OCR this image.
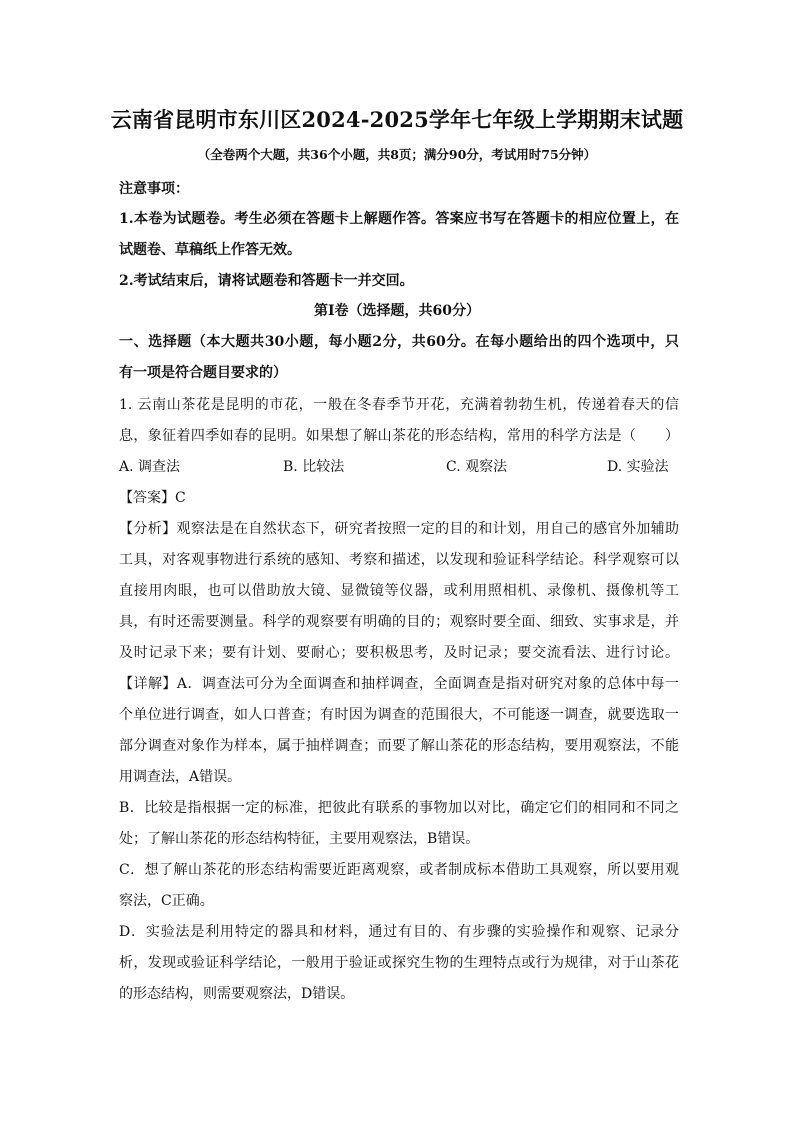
云南省昆明市东川区2024-2025学年七年级上学期期末试题
（全卷两个大题，共36个小题，共8页；满分90分，考试用时75分钟）
注意事项：
1.本卷为试题卷。考生必须在答题卡上解题作答。答案应书写在答题卡的相应位置上，在
试题卷、草稿纸上作答无效。
2.考试结束后，请将试题卷和答题卡一并交回。
第Ⅰ卷（选择题，共60分）
一、选择题（本大题共30小题，每小题2分，共60分。在每小题给出的四个选项中，只
有一项是符合题目要求的）
1. 云南山茶花是昆明的市花，一般在冬春季节开花，充满着勃勃生机，传递着春天的信
息，象征着四季如春的昆明。如果想了解山茶花的形态结构，常用的科学方法是（　　）
A. 调查法	B. 比较法	C. 观察法	D. 实验法
【答案】C
【分析】观察法是在自然状态下，研究者按照一定的目的和计划，用自己的感官外加辅助
工具，对客观事物进行系统的感知、考察和描述，以发现和验证科学结论。科学观察可以
直接用肉眼，也可以借助放大镜、显微镜等仪器，或利用照相机、录像机、摄像机等工
具，有时还需要测量。科学的观察要有明确的目的；观察时要全面、细致、实事求是，并
及时记录下来；要有计划、要耐心；要积极思考，及时记录；要交流看法、进行讨论。
【详解】A．调查法可分为全面调查和抽样调查，全面调查是指对研究对象的总体中每一
个单位进行调查，如人口普查；有时因为调查的范围很大，不可能逐一调查，就要选取一
部分调查对象作为样本，属于抽样调查；而要了解山茶花的形态结构，要用观察法，不能
用调查法，A错误。
B．比较是指根据一定的标准，把彼此有联系的事物加以对比，确定它们的相同和不同之
处；了解山茶花的形态结构特征，主要用观察法，B错误。
C．想了解山茶花的形态结构需要近距离观察，或者制成标本借助工具观察，所以要用观
察法，C正确。
D．实验法是利用特定的器具和材料，通过有目的、有步骤的实验操作和观察、记录分
析，发现或验证科学结论，一般用于验证或探究生物的生理特点或行为规律，对于山茶花
的形态结构，则需要观察法，D错误。
